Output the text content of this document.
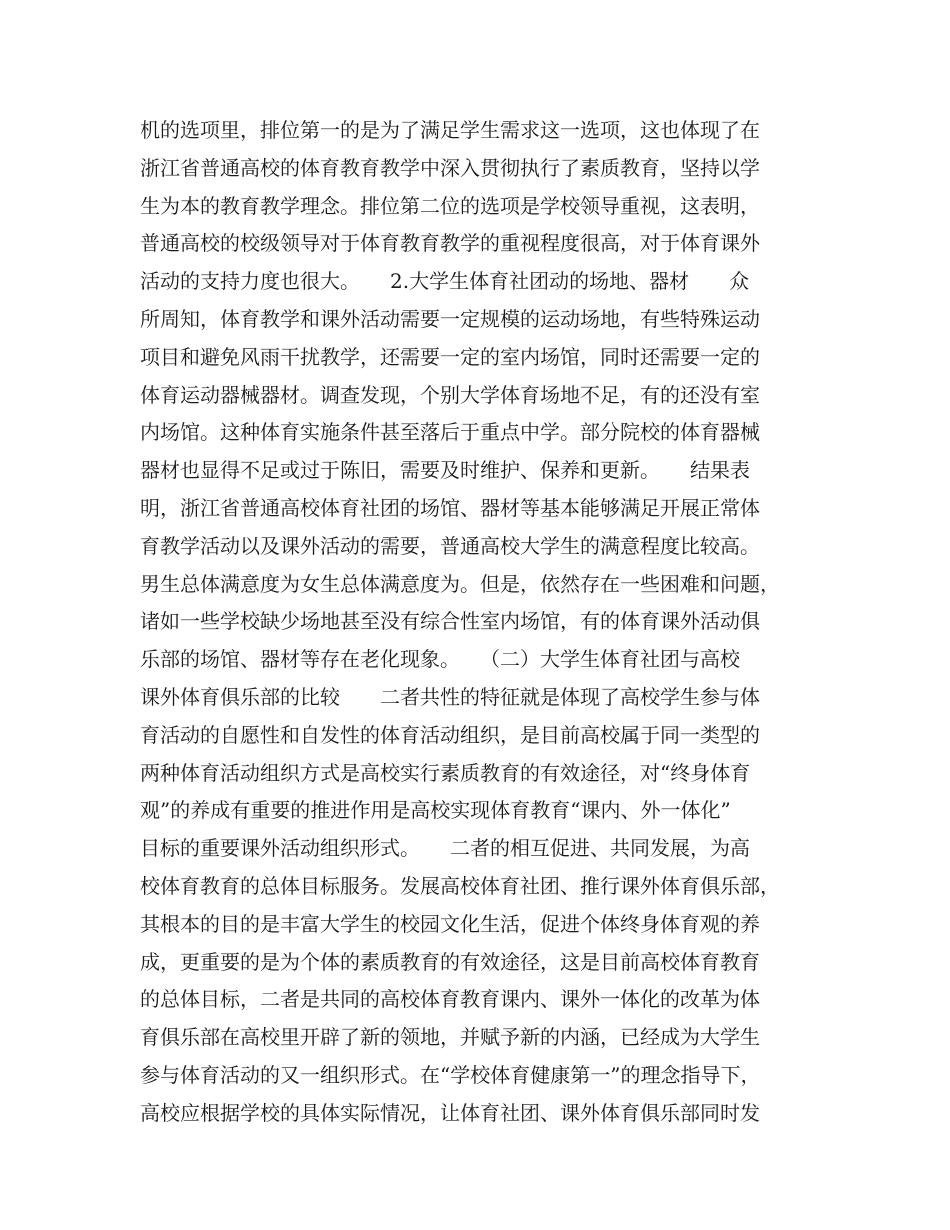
机的选项里，排位第一的是为了满足学生需求这一选项，这也体现了在
浙江省普通高校的体育教育教学中深入贯彻执行了素质教育，坚持以学
生为本的教育教学理念。排位第二位的选项是学校领导重视，这表明，
普通高校的校级领导对于体育教育教学的重视程度很高，对于体育课外
活动的支持力度也很大。　　2.大学生体育社团动的场地、器材　　众
所周知，体育教学和课外活动需要一定规模的运动场地，有些特殊运动
项目和避免风雨干扰教学，还需要一定的室内场馆，同时还需要一定的
体育运动器械器材。调查发现，个别大学体育场地不足，有的还没有室
内场馆。这种体育实施条件甚至落后于重点中学。部分院校的体育器械
器材也显得不足或过于陈旧，需要及时维护、保养和更新。　　结果表
明，浙江省普通高校体育社团的场馆、器材等基本能够满足开展正常体
育教学活动以及课外活动的需要，普通高校大学生的满意程度比较高。
男生总体满意度为女生总体满意度为。但是，依然存在一些困难和问题，
诸如一些学校缺少场地甚至没有综合性室内场馆，有的体育课外活动俱
乐部的场馆、器材等存在老化现象。　　（二）大学生体育社团与高校
课外体育俱乐部的比较　　二者共性的特征就是体现了高校学生参与体
育活动的自愿性和自发性的体育活动组织，是目前高校属于同一类型的
两种体育活动组织方式是高校实行素质教育的有效途径，对“终身体育
观”的养成有重要的推进作用是高校实现体育教育“课内、外一体化”
目标的重要课外活动组织形式。　　二者的相互促进、共同发展，为高
校体育教育的总体目标服务。发展高校体育社团、推行课外体育俱乐部，
其根本的目的是丰富大学生的校园文化生活，促进个体终身体育观的养
成，更重要的是为个体的素质教育的有效途径，这是目前高校体育教育
的总体目标，二者是共同的高校体育教育课内、课外一体化的改革为体
育俱乐部在高校里开辟了新的领地，并赋予新的内涵，已经成为大学生
参与体育活动的又一组织形式。在“学校体育健康第一”的理念指导下，
高校应根据学校的具体实际情况，让体育社团、课外体育俱乐部同时发
